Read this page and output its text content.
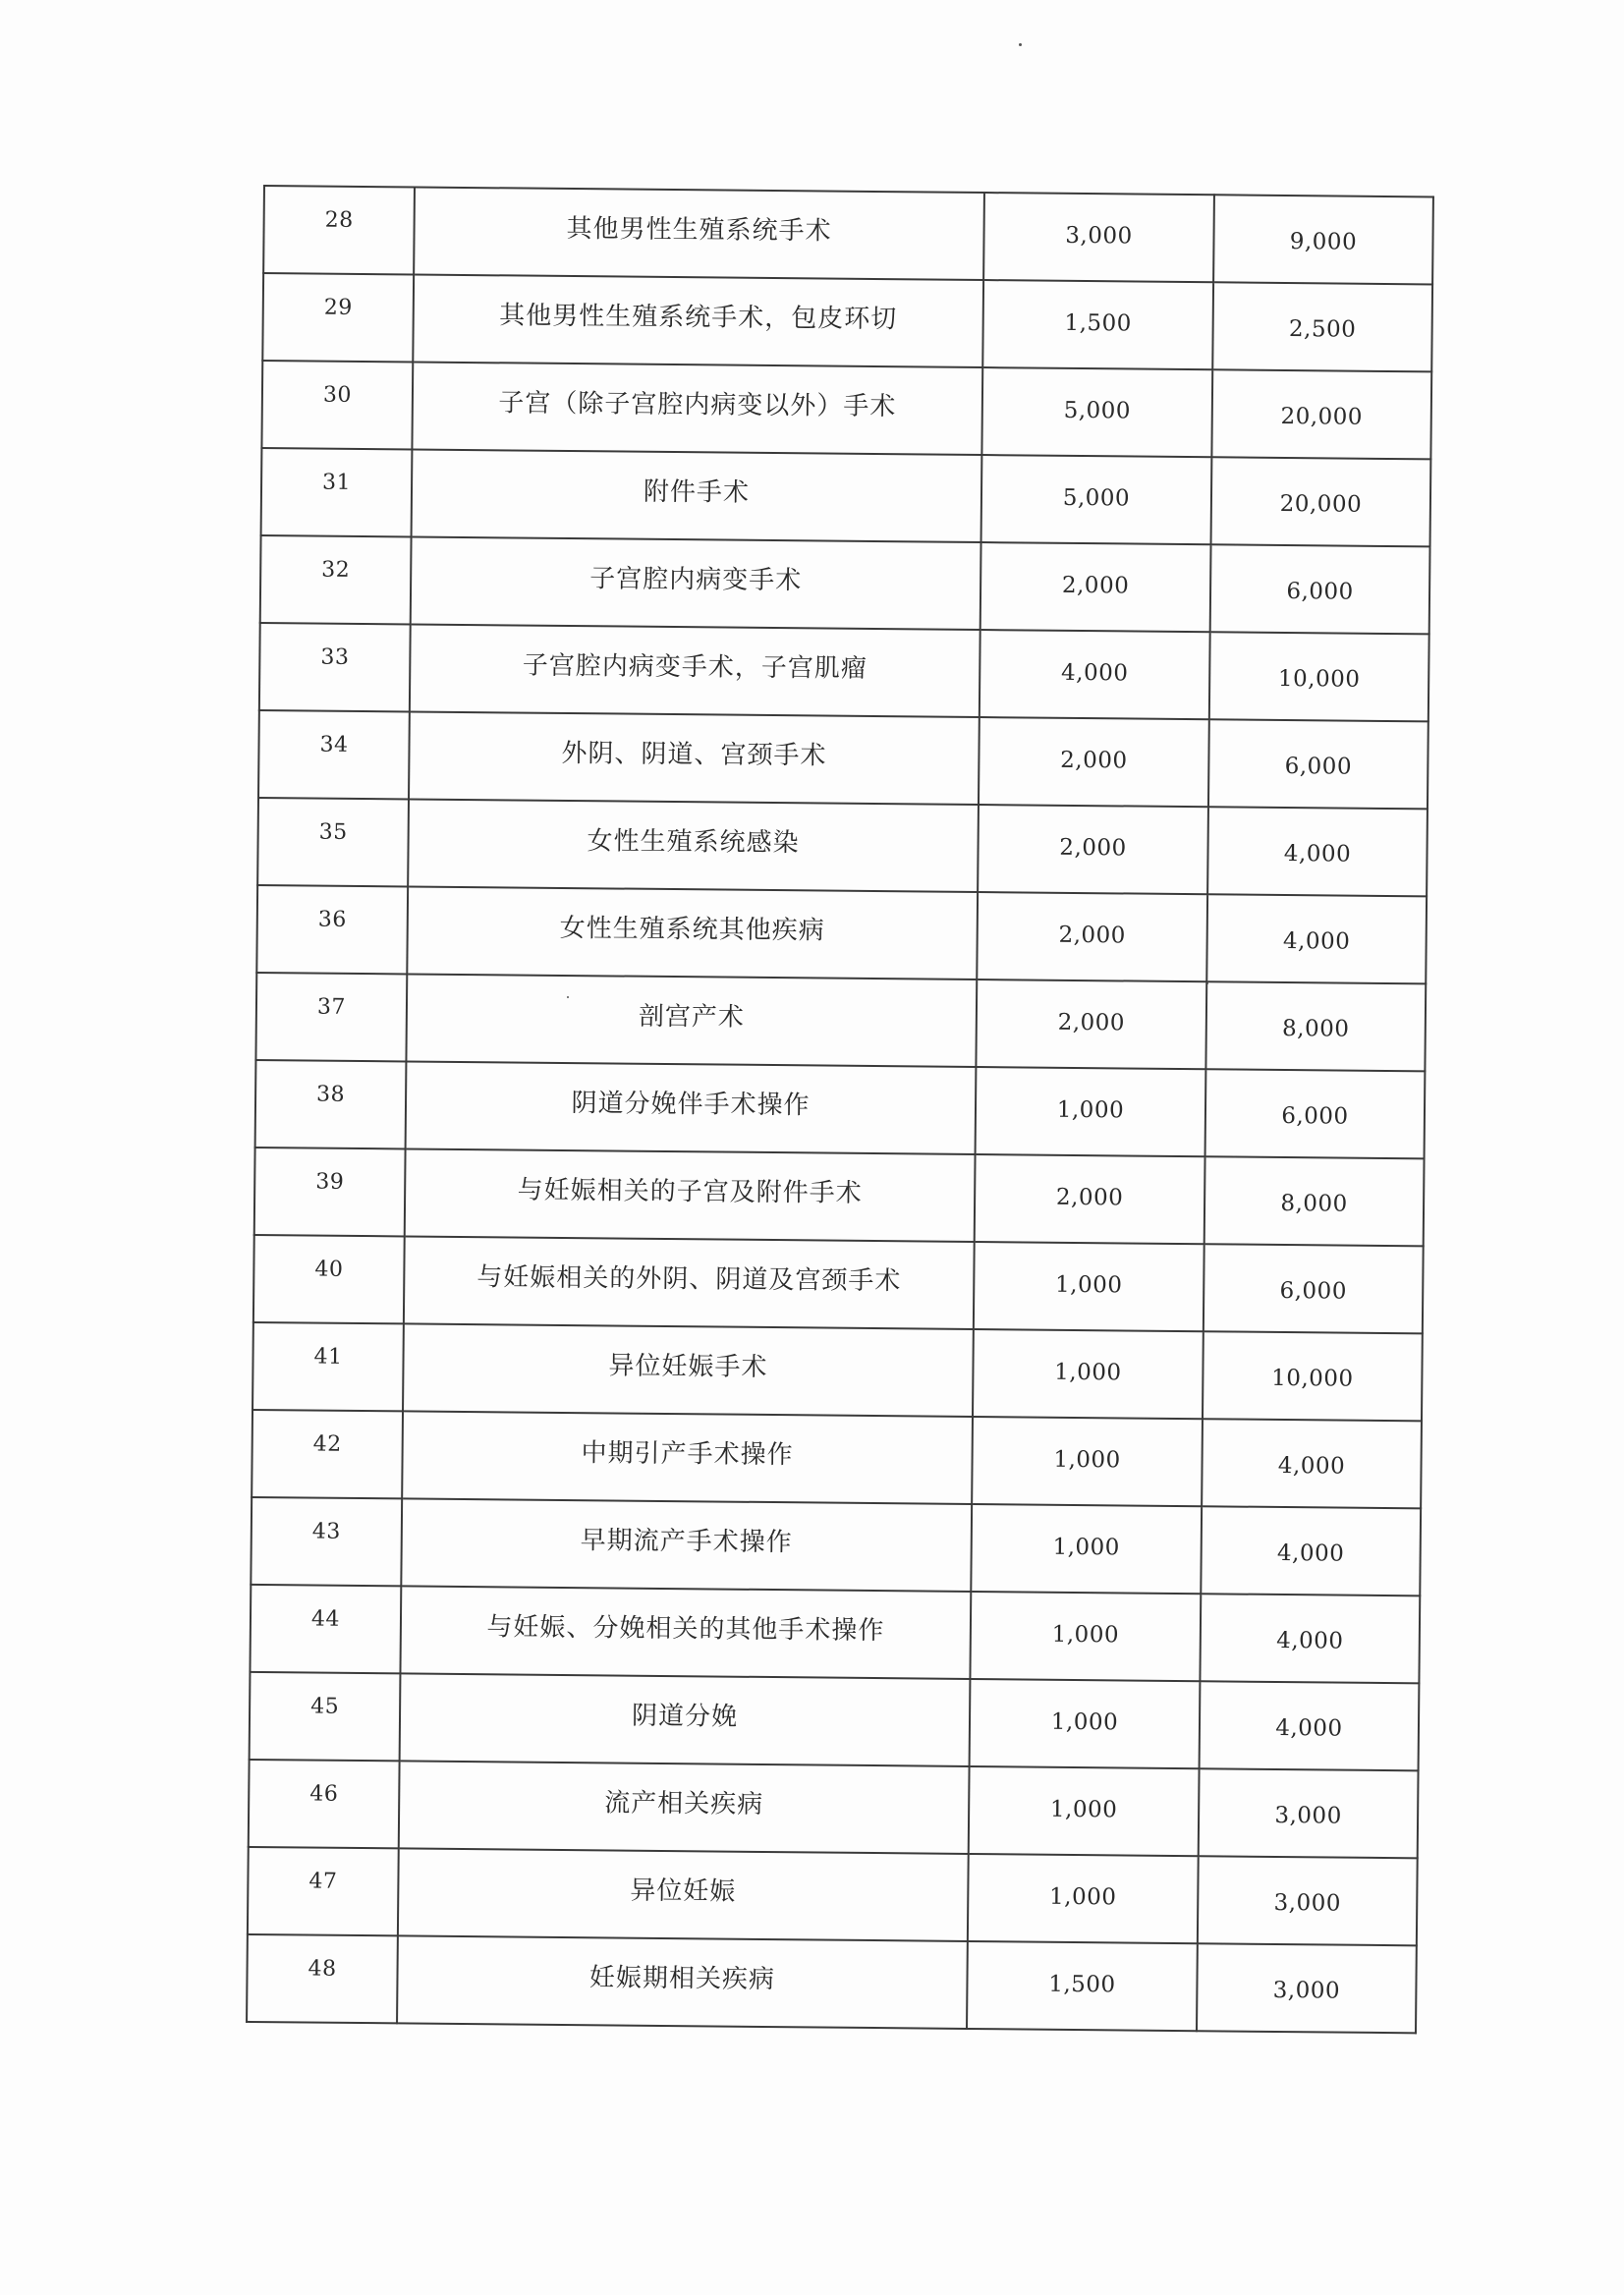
28	其他男性生殖系统手术	3,000	9,000
29	其他男性生殖系统手术，包皮环切	1,500	2,500
30	子宫（除子宫腔内病变以外）手术	5,000	20,000
31	附件手术	5,000	20,000
32	子宫腔内病变手术	2,000	6,000
33	子宫腔内病变手术，子宫肌瘤	4,000	10,000
34	外阴、阴道、宫颈手术	2,000	6,000
35	女性生殖系统感染	2,000	4,000
36	女性生殖系统其他疾病	2,000	4,000
37	剖宫产术	2,000	8,000
38	阴道分娩伴手术操作	1,000	6,000
39	与妊娠相关的子宫及附件手术	2,000	8,000
40	与妊娠相关的外阴、阴道及宫颈手术	1,000	6,000
41	异位妊娠手术	1,000	10,000
42	中期引产手术操作	1,000	4,000
43	早期流产手术操作	1,000	4,000
44	与妊娠、分娩相关的其他手术操作	1,000	4,000
45	阴道分娩	1,000	4,000
46	流产相关疾病	1,000	3,000
47	异位妊娠	1,000	3,000
48	妊娠期相关疾病	1,500	3,000
